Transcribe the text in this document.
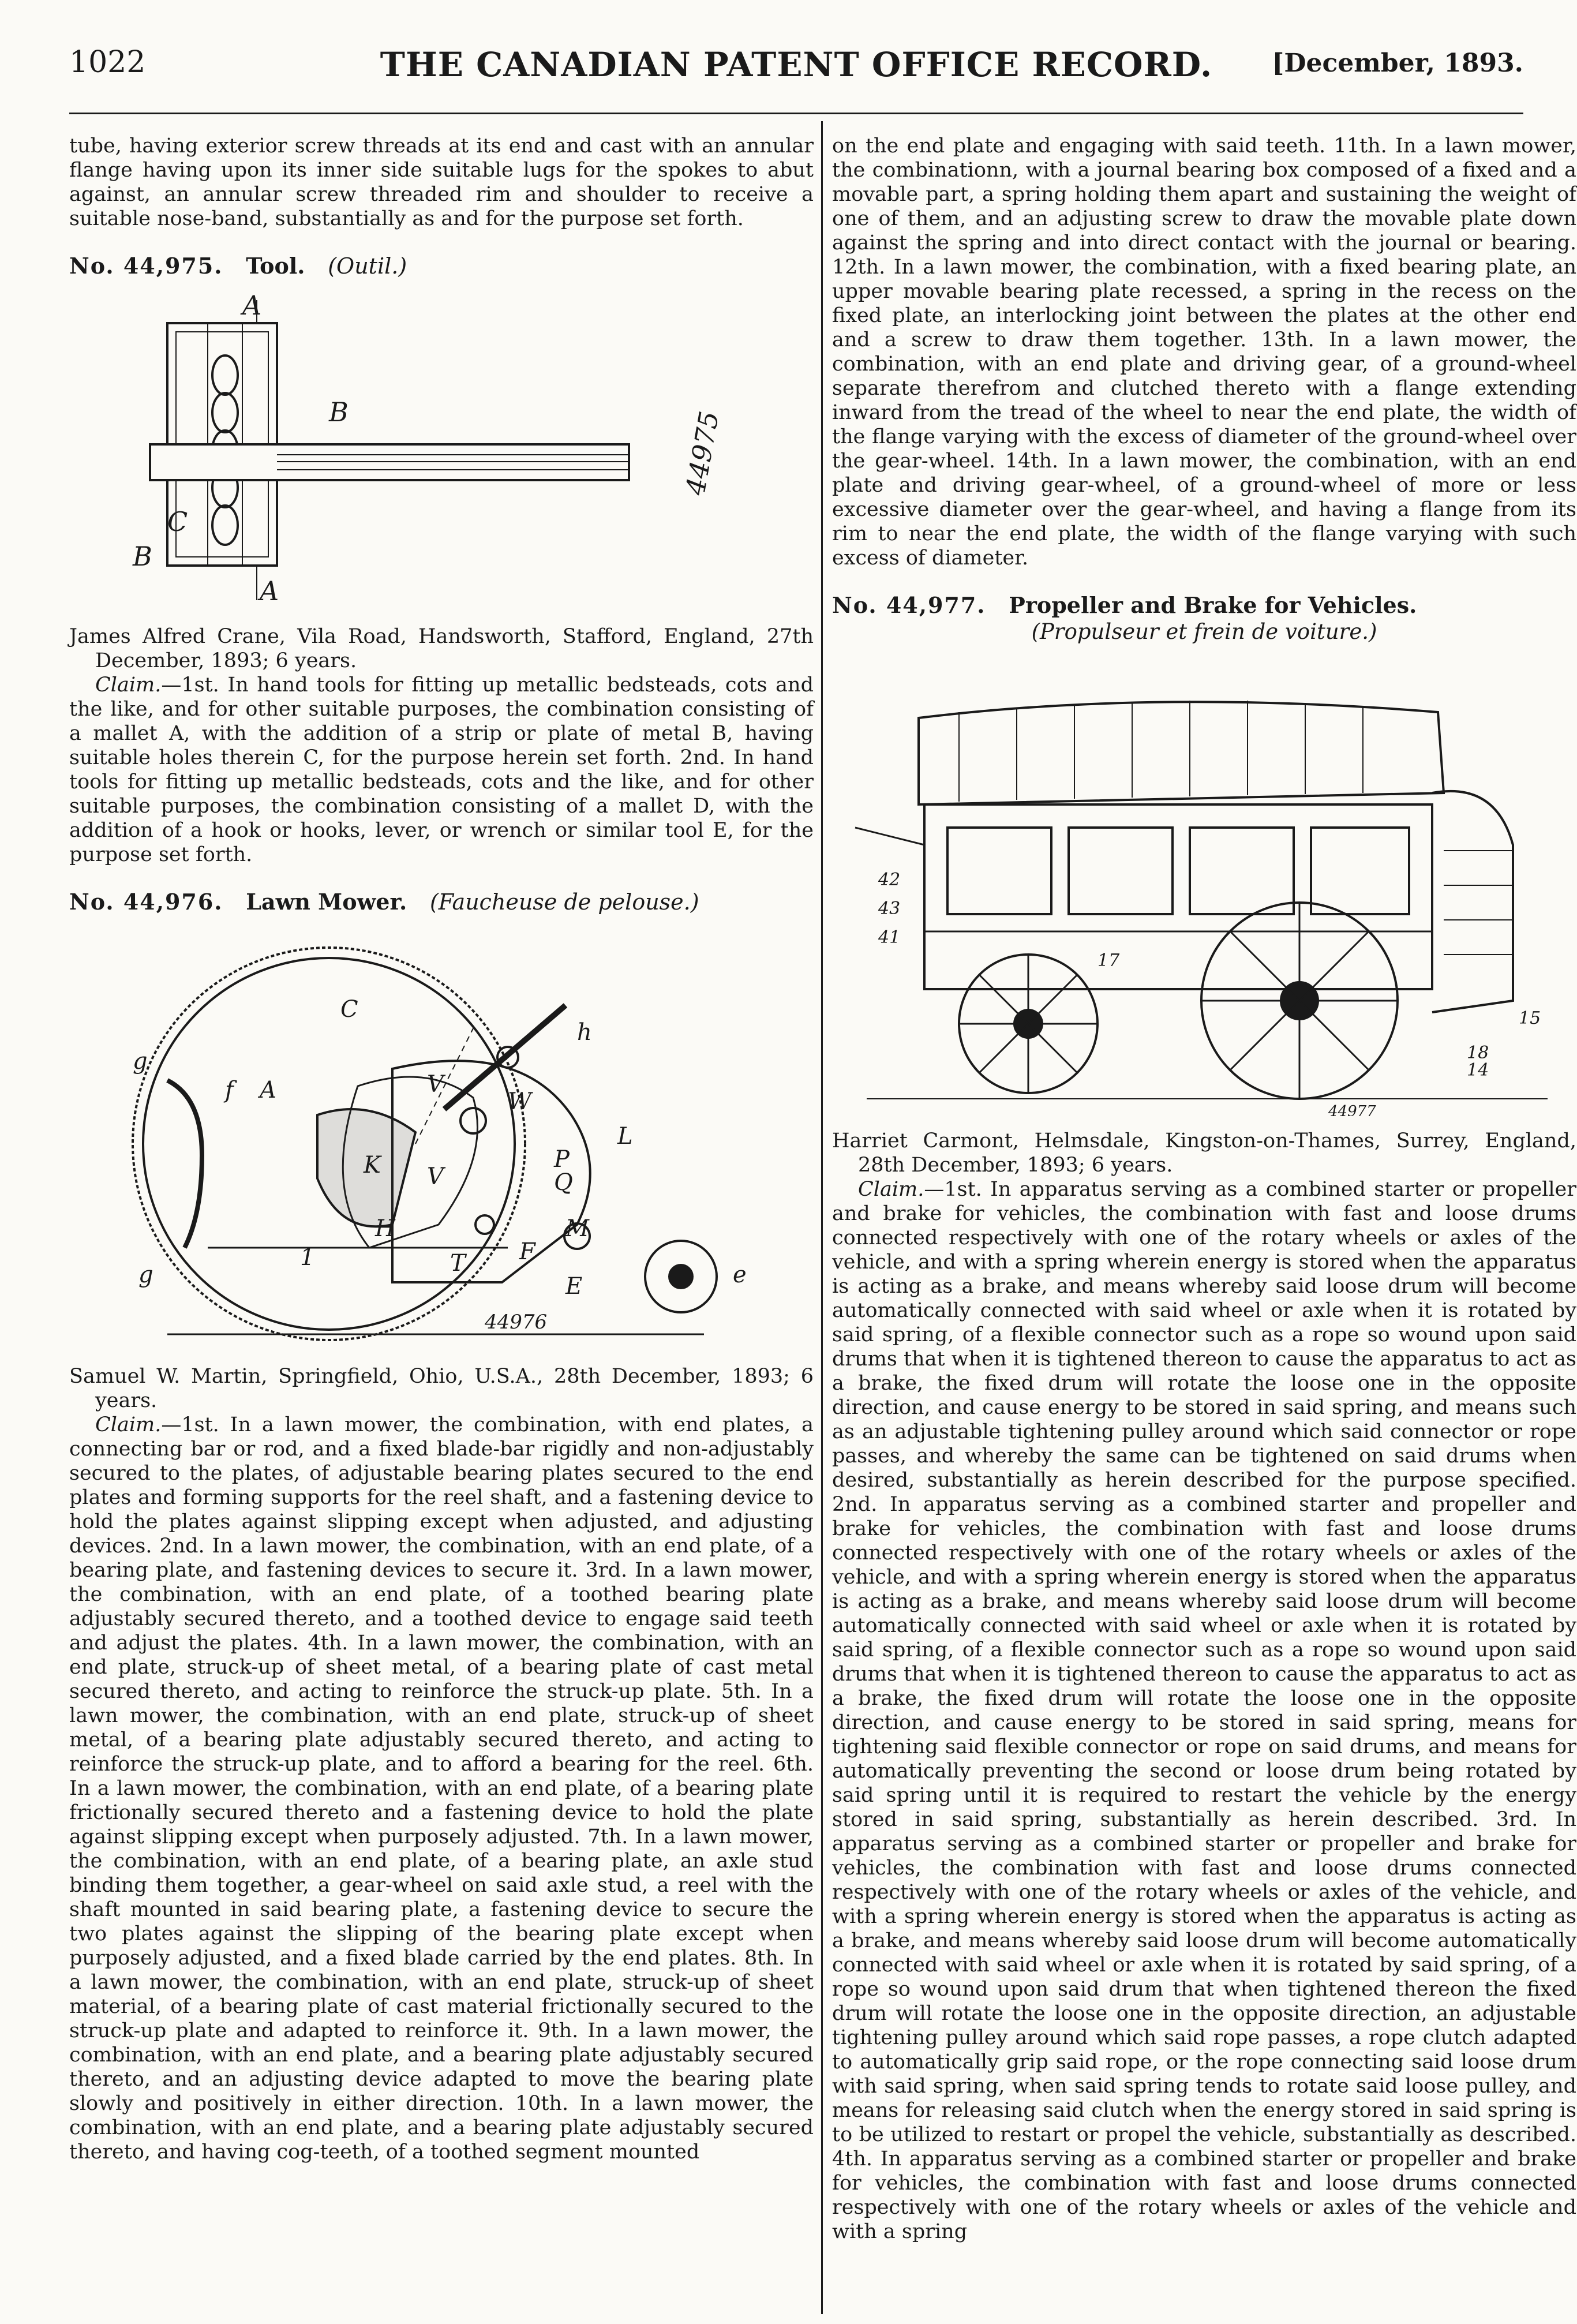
1022	THE CANADIAN PATENT OFFICE RECORD.	[December, 1893.

tube, having exterior screw threads at its end and cast with an annular flange having upon its inner side suitable lugs for the spokes to abut against, an annular screw threaded rim and shoulder to receive a suitable nose-band, substantially as and for the purpose set forth.

No. 44,975. Tool. (Outil.)
A
B
B
A
C
44975

James Alfred Crane, Vila Road, Handsworth, Stafford, England, 27th December, 1893; 6 years.

Claim.—1st. In hand tools for fitting up metallic bedsteads, cots and the like, and for other suitable purposes, the combination consisting of a mallet A, with the addition of a strip or plate of metal B, having suitable holes therein C, for the purpose herein set forth. 2nd. In hand tools for fitting up metallic bedsteads, cots and the like, and for other suitable purposes, the combination consisting of a mallet D, with the addition of a hook or hooks, lever, or wrench or similar tool E, for the purpose set forth.

No. 44,976. Lawn Mower. (Faucheuse de pelouse.)
g
g
f A
C
h
V
K V
H
1
W
L
P
Q
M
T F
E	e
44976

Samuel W. Martin, Springfield, Ohio, U.S.A., 28th December, 1893; 6 years.

Claim.—1st. In a lawn mower, the combination, with end plates, a connecting bar or rod, and a fixed blade-bar rigidly and non-adjustably secured to the plates, of adjustable bearing plates secured to the end plates and forming supports for the reel shaft, and a fastening device to hold the plates against slipping except when adjusted, and adjusting devices. 2nd. In a lawn mower, the combination, with an end plate, of a bearing plate, and fastening devices to secure it. 3rd. In a lawn mower, the combination, with an end plate, of a toothed bearing plate adjustably secured thereto, and a toothed device to engage said teeth and adjust the plates. 4th. In a lawn mower, the combination, with an end plate, struck-up of sheet metal, of a bearing plate of cast metal secured thereto, and acting to reinforce the struck-up plate. 5th. In a lawn mower, the combination, with an end plate, struck-up of sheet metal, of a bearing plate adjustably secured thereto, and acting to reinforce the struck-up plate, and to afford a bearing for the reel. 6th. In a lawn mower, the combination, with an end plate, of a bearing plate frictionally secured thereto and a fastening device to hold the plate against slipping except when purposely adjusted. 7th. In a lawn mower, the combination, with an end plate, of a bearing plate, an axle stud binding them together, a gear-wheel on said axle stud, a reel with the shaft mounted in said bearing plate, a fastening device to secure the two plates against the slipping of the bearing plate except when purposely adjusted, and a fixed blade carried by the end plates. 8th. In a lawn mower, the combination, with an end plate, struck-up of sheet material, of a bearing plate of cast material frictionally secured to the struck-up plate and adapted to reinforce it. 9th. In a lawn mower, the combination, with an end plate, and a bearing plate adjustably secured thereto, and an adjusting device adapted to move the bearing plate slowly and positively in either direction. 10th. In a lawn mower, the combination, with an end plate, and a bearing plate adjustably secured thereto, and having cog-teeth, of a toothed segment mounted

on the end plate and engaging with said teeth. 11th. In a lawn mower, the combinationn, with a journal bearing box composed of a fixed and a movable part, a spring holding them apart and sustaining the weight of one of them, and an adjusting screw to draw the movable plate down against the spring and into direct contact with the journal or bearing. 12th. In a lawn mower, the combination, with a fixed bearing plate, an upper movable bearing plate recessed, a spring in the recess on the fixed plate, an interlocking joint between the plates at the other end and a screw to draw them together. 13th. In a lawn mower, the combination, with an end plate and driving gear, of a ground-wheel separate therefrom and clutched thereto with a flange extending inward from the tread of the wheel to near the end plate, the width of the flange varying with the excess of diameter of the ground-wheel over the gear-wheel. 14th. In a lawn mower, the combination, with an end plate and driving gear-wheel, of a ground-wheel of more or less excessive diameter over the gear-wheel, and having a flange from its rim to near the end plate, the width of the flange varying with such excess of diameter.

No. 44,977. Propeller and Brake for Vehicles.
(Propulseur et frein de voiture.)
17
42
43
41
15
18
14
44977

Harriet Carmont, Helmsdale, Kingston-on-Thames, Surrey, England, 28th December, 1893; 6 years.

Claim.—1st. In apparatus serving as a combined starter or propeller and brake for vehicles, the combination with fast and loose drums connected respectively with one of the rotary wheels or axles of the vehicle, and with a spring wherein energy is stored when the apparatus is acting as a brake, and means whereby said loose drum will become automatically connected with said wheel or axle when it is rotated by said spring, of a flexible connector such as a rope so wound upon said drums that when it is tightened thereon to cause the apparatus to act as a brake, the fixed drum will rotate the loose one in the opposite direction, and cause energy to be stored in said spring, and means such as an adjustable tightening pulley around which said connector or rope passes, and whereby the same can be tightened on said drums when desired, substantially as herein described for the purpose specified. 2nd. In apparatus serving as a combined starter and propeller and brake for vehicles, the combination with fast and loose drums connected respectively with one of the rotary wheels or axles of the vehicle, and with a spring wherein energy is stored when the apparatus is acting as a brake, and means whereby said loose drum will become automatically connected with said wheel or axle when it is rotated by said spring, of a flexible connector such as a rope so wound upon said drums that when it is tightened thereon to cause the apparatus to act as a brake, the fixed drum will rotate the loose one in the opposite direction, and cause energy to be stored in said spring, means for tightening said flexible connector or rope on said drums, and means for automatically preventing the second or loose drum being rotated by said spring until it is required to restart the vehicle by the energy stored in said spring, substantially as herein described. 3rd. In apparatus serving as a combined starter or propeller and brake for vehicles, the combination with fast and loose drums connected respectively with one of the rotary wheels or axles of the vehicle, and with a spring wherein energy is stored when the apparatus is acting as a brake, and means whereby said loose drum will become automatically connected with said wheel or axle when it is rotated by said spring, of a rope so wound upon said drum that when tightened thereon the fixed drum will rotate the loose one in the opposite direction, an adjustable tightening pulley around which said rope passes, a rope clutch adapted to automatically grip said rope, or the rope connecting said loose drum with said spring, when said spring tends to rotate said loose pulley, and means for releasing said clutch when the energy stored in said spring is to be utilized to restart or propel the vehicle, substantially as described. 4th. In apparatus serving as a combined starter or propeller and brake for vehicles, the combination with fast and loose drums connected respectively with one of the rotary wheels or axles of the vehicle and with a spring
